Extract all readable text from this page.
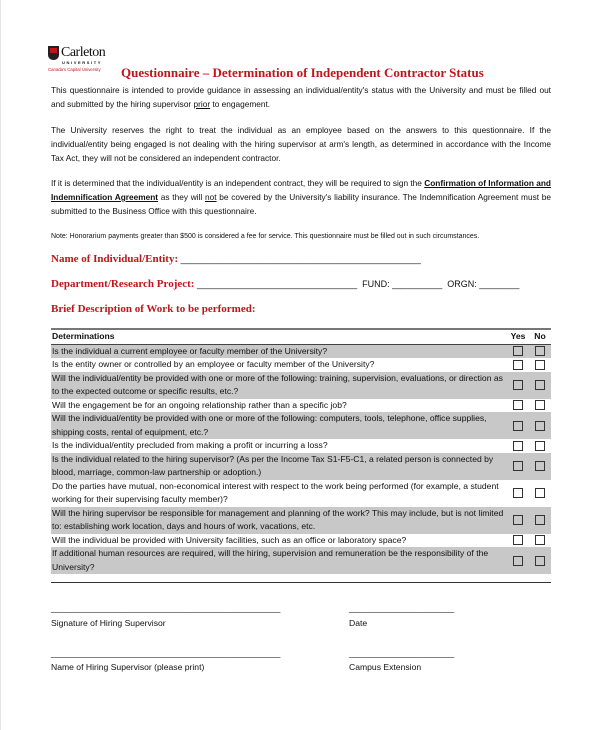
Carleton
UNIVERSITY
Canada's Capital University Questionnaire – Determination of Independent Contractor Status
This questionnaire is intended to provide guidance in assessing an individual/entity's status with the University and must be filled out and submitted by the hiring supervisor prior to engagement.
The University reserves the right to treat the individual as an employee based on the answers to this questionnaire. If the individual/entity being engaged is not dealing with the hiring supervisor at arm's length, as determined in accordance with the Income Tax Act, they will not be considered an independent contractor.
If it is determined that the individual/entity is an independent contract, they will be required to sign the Confirmation of Information and Indemnification Agreement as they will not be covered by the University's liability insurance. The Indemnification Agreement must be submitted to the Business Office with this questionnaire.
Note: Honorarium payments greater than $500 is considered a fee for service. This questionnaire must be filled out in such circumstances.
Name of Individual/Entity: ________________________________________________
Department/Research Project: ________________________________ FUND: __________ ORGN: ________
Brief Description of Work to be performed:
Determinations	Yes	No
Is the individual a current employee or faculty member of the University?
Is the entity owner or controlled by an employee or faculty member of the University?
Will the individual/entity be provided with one or more of the following: training, supervision, evaluations, or direction as to the expected outcome or specific results, etc.?
Will the engagement be for an ongoing relationship rather than a specific job?
Will the individual/entity be provided with one or more of the following: computers, tools, telephone, office supplies, shipping costs, rental of equipment, etc.?
Is the individual/entity precluded from making a profit or incurring a loss?
Is the individual related to the hiring supervisor? (As per the Income Tax S1-F5-C1, a related person is connected by blood, marriage, common-law partnership or adoption.)
Do the parties have mutual, non-economical interest with respect to the work being performed (for example, a student working for their supervising faculty member)?
Will the hiring supervisor be responsible for management and planning of the work? This may include, but is not limited to: establishing work location, days and hours of work, vacations, etc.
Will the individual be provided with University facilities, such as an office or laboratory space?
If additional human resources are required, will the hiring, supervision and remuneration be the responsibility of the University?
________________________________________________	______________________
Signature of Hiring Supervisor	Date
________________________________________________	______________________
Name of Hiring Supervisor (please print)	Campus Extension
